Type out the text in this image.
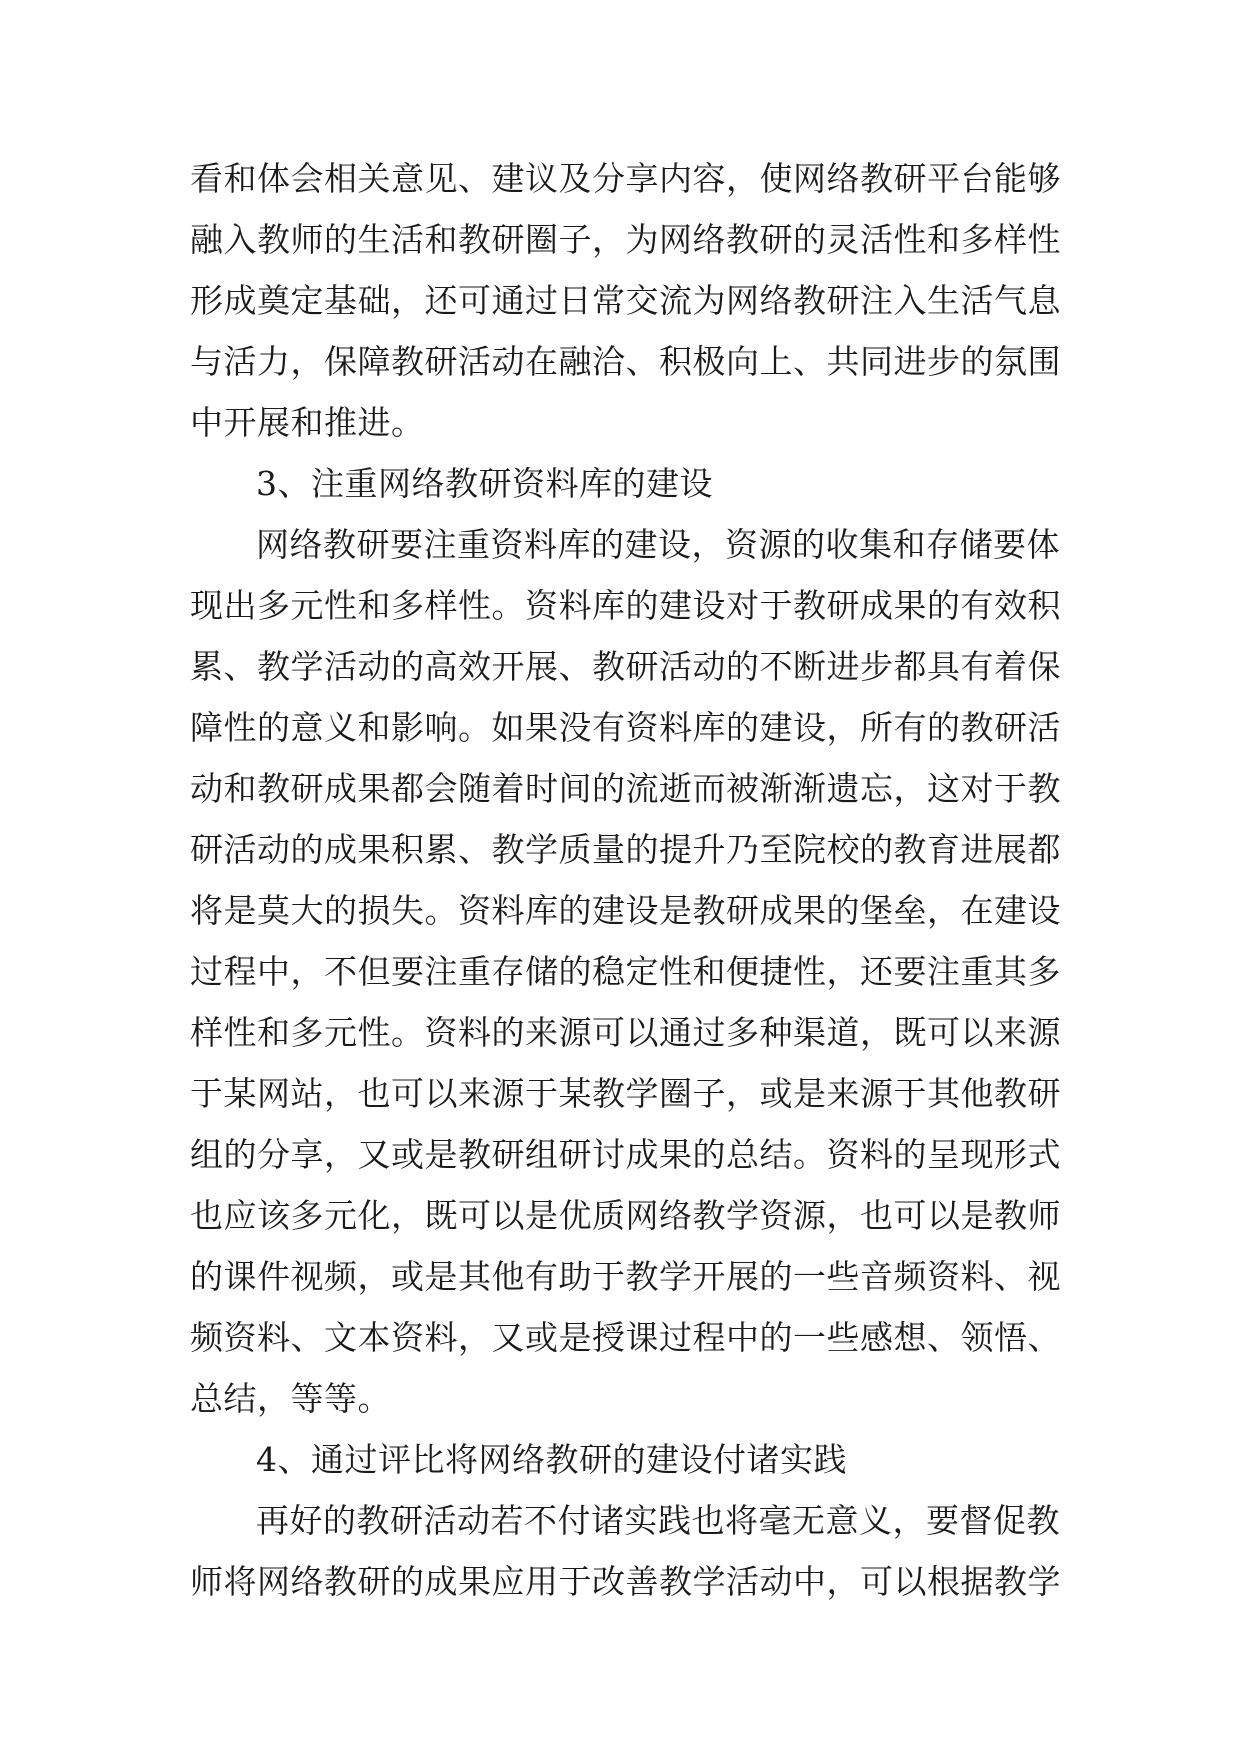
看和体会相关意见、建议及分享内容，使网络教研平台能够
融入教师的生活和教研圈子，为网络教研的灵活性和多样性
形成奠定基础，还可通过日常交流为网络教研注入生活气息
与活力，保障教研活动在融洽、积极向上、共同进步的氛围
中开展和推进。
3、注重网络教研资料库的建设
网络教研要注重资料库的建设，资源的收集和存储要体
现出多元性和多样性。资料库的建设对于教研成果的有效积
累、教学活动的高效开展、教研活动的不断进步都具有着保
障性的意义和影响。如果没有资料库的建设，所有的教研活
动和教研成果都会随着时间的流逝而被渐渐遗忘，这对于教
研活动的成果积累、教学质量的提升乃至院校的教育进展都
将是莫大的损失。资料库的建设是教研成果的堡垒，在建设
过程中，不但要注重存储的稳定性和便捷性，还要注重其多
样性和多元性。资料的来源可以通过多种渠道，既可以来源
于某网站，也可以来源于某教学圈子，或是来源于其他教研
组的分享，又或是教研组研讨成果的总结。资料的呈现形式
也应该多元化，既可以是优质网络教学资源，也可以是教师
的课件视频，或是其他有助于教学开展的一些音频资料、视
频资料、文本资料，又或是授课过程中的一些感想、领悟、
总结，等等。
4、通过评比将网络教研的建设付诸实践
再好的教研活动若不付诸实践也将毫无意义，要督促教
师将网络教研的成果应用于改善教学活动中，可以根据教学
